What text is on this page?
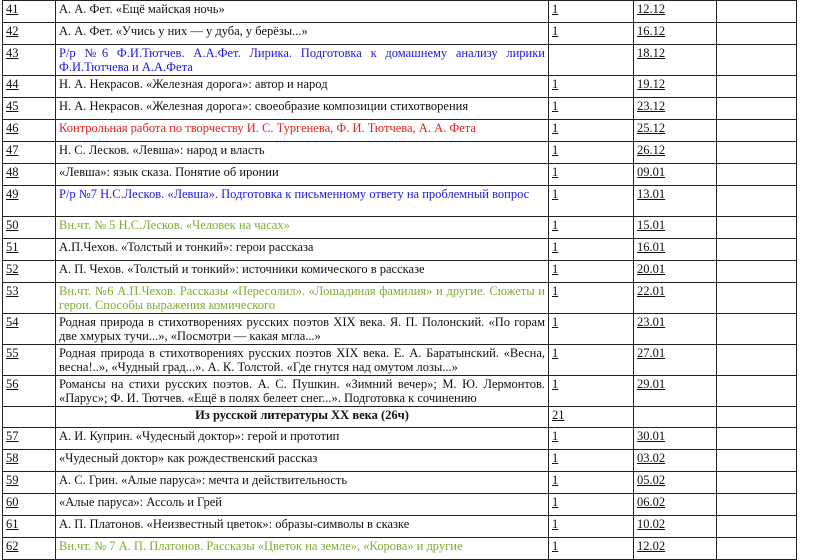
41	А. А. Фет. «Ещё майская ночь»	1	12.12	
42	А. А. Фет. «Учись у них — у дуба, у берёзы...»	1	16.12	
43	Р/р №6 Ф.И.Тютчев. А.А.Фет. Лирика. Подготовка к домашнему анализу лирики Ф.И.Тютчева и А.А.Фета		18.12	
44	Н. А. Некрасов. «Железная дорога»: автор и народ	1	19.12	
45	Н. А. Некрасов. «Железная дорога»: своеобразие композиции стихотворения	1	23.12	
46	Контрольная работа по творчеству И. С. Тургенева, Ф. И. Тютчева, А. А. Фета	1	25.12	
47	Н. С. Лесков. «Левша»: народ и власть	1	26.12	
48	«Левша»: язык сказа. Понятие об иронии	1	09.01	
49	Р/р №7 Н.С.Лесков. «Левша». Подготовка к письменному ответу на проблемный вопрос	1	13.01	
50	Вн.чт. № 5 Н.С.Лесков. «Человек на часах»	1	15.01	
51	А.П.Чехов. «Толстый и тонкий»: герои рассказа	1	16.01	
52	А. П. Чехов. «Толстый и тонкий»: источники комического в рассказе	1	20.01	
53	Вн.чт. №6 А.П.Чехов. Рассказы «Пересолил». «Лошадиная фамилия» и другие. Сюжеты и герои. Способы выражения комического	1	22.01	
54	Родная природа в стихотворениях русских поэтов XIX века. Я. П. Полонский. «По горам две хмурых тучи...», «Посмотри — какая мгла...»	1	23.01	
55	Родная природа в стихотворениях русских поэтов XIX века. Е. А. Баратынский. «Весна, весна!..», «Чудный град...». А. К. Толстой. «Где гнутся над омутом лозы...»	1	27.01	
56	Романсы на стихи русских поэтов. А. С. Пушкин. «Зимний вечер»; М. Ю. Лермонтов. «Парус»; Ф. И. Тютчев. «Ещё в полях белеет снег...». Подготовка к сочинению	1	29.01	
	Из русской литературы XX века (26ч)	21		
57	А. И. Куприн. «Чудесный доктор»: герой и прототип	1	30.01	
58	«Чудесный доктор» как рождественский рассказ	1	03.02	
59	А. С. Грин. «Алые паруса»: мечта и действительность	1	05.02	
60	«Алые паруса»: Ассоль и Грей	1	06.02	
61	А. П. Платонов. «Неизвестный цветок»: образы-символы в сказке	1	10.02	
62	Вн.чт. № 7 А. П. Платонов. Рассказы «Цветок на земле», «Корова» и другие	1	12.02	
